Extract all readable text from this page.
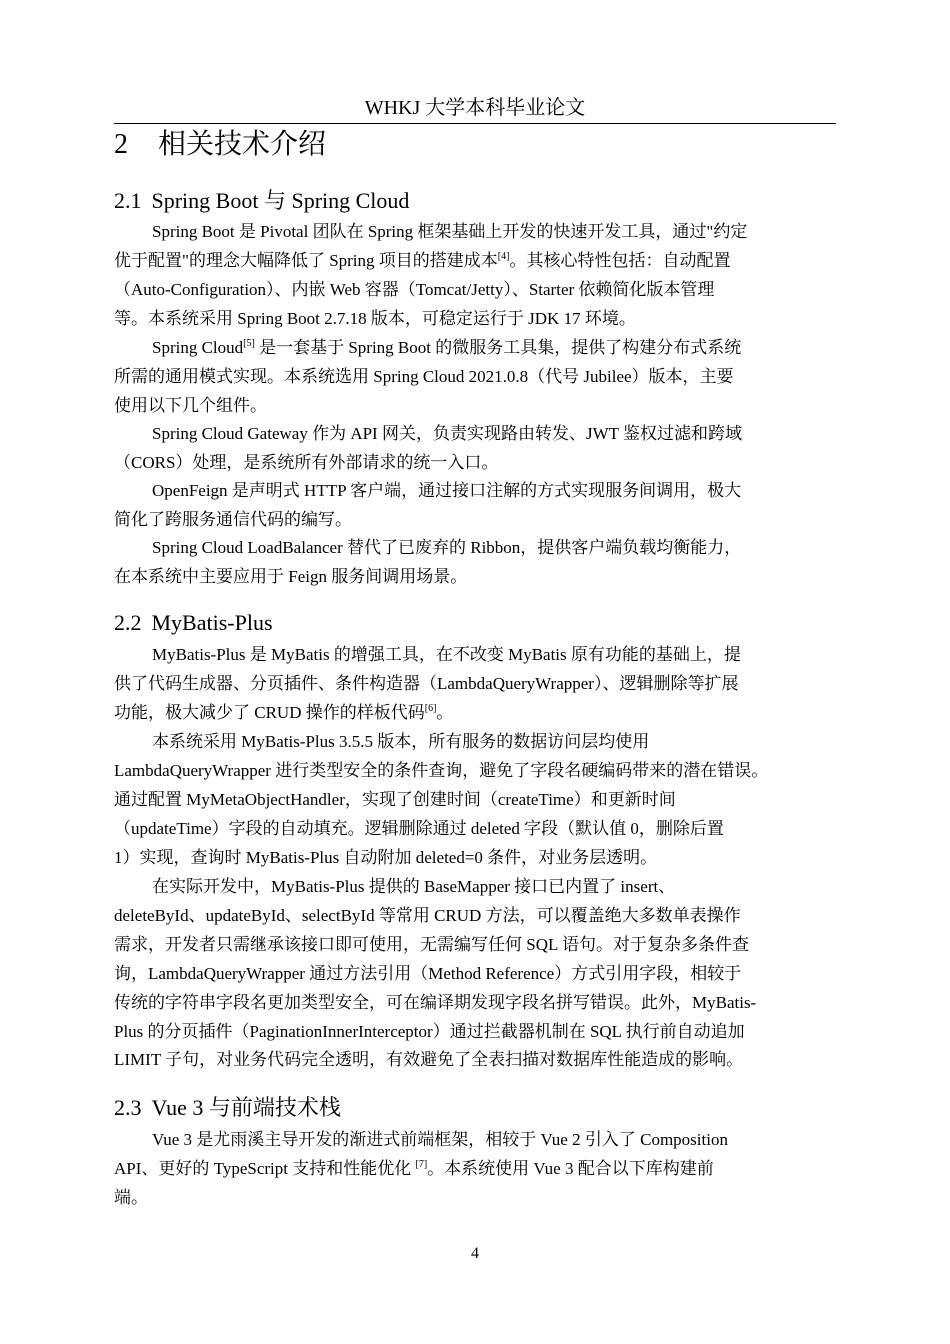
WHKJ 大学本科毕业论文
2 相关技术介绍
2.1 Spring Boot 与 Spring Cloud
Spring Boot 是 Pivotal 团队在 Spring 框架基础上开发的快速开发工具，通过"约定
优于配置"的理念大幅降低了 Spring 项目的搭建成本[4]。其核心特性包括：自动配置
（Auto-Configuration）、内嵌 Web 容器（Tomcat/Jetty）、Starter 依赖简化版本管理
等。本系统采用 Spring Boot 2.7.18 版本，可稳定运行于 JDK 17 环境。
Spring Cloud[5] 是一套基于 Spring Boot 的微服务工具集，提供了构建分布式系统
所需的通用模式实现。本系统选用 Spring Cloud 2021.0.8（代号 Jubilee）版本，主要
使用以下几个组件。
Spring Cloud Gateway 作为 API 网关，负责实现路由转发、JWT 鉴权过滤和跨域
（CORS）处理，是系统所有外部请求的统一入口。
OpenFeign 是声明式 HTTP 客户端，通过接口注解的方式实现服务间调用，极大
简化了跨服务通信代码的编写。
Spring Cloud LoadBalancer 替代了已废弃的 Ribbon，提供客户端负载均衡能力，
在本系统中主要应用于 Feign 服务间调用场景。
2.2 MyBatis-Plus
MyBatis-Plus 是 MyBatis 的增强工具，在不改变 MyBatis 原有功能的基础上，提
供了代码生成器、分页插件、条件构造器（LambdaQueryWrapper）、逻辑删除等扩展
功能，极大减少了 CRUD 操作的样板代码[6]。
本系统采用 MyBatis-Plus 3.5.5 版本，所有服务的数据访问层均使用
LambdaQueryWrapper 进行类型安全的条件查询，避免了字段名硬编码带来的潜在错误。
通过配置 MyMetaObjectHandler，实现了创建时间（createTime）和更新时间
（updateTime）字段的自动填充。逻辑删除通过 deleted 字段（默认值 0，删除后置
1）实现，查询时 MyBatis-Plus 自动附加 deleted=0 条件，对业务层透明。
在实际开发中，MyBatis-Plus 提供的 BaseMapper 接口已内置了 insert、
deleteById、updateById、selectById 等常用 CRUD 方法，可以覆盖绝大多数单表操作
需求，开发者只需继承该接口即可使用，无需编写任何 SQL 语句。对于复杂多条件查
询，LambdaQueryWrapper 通过方法引用（Method Reference）方式引用字段，相较于
传统的字符串字段名更加类型安全，可在编译期发现字段名拼写错误。此外，MyBatis-
Plus 的分页插件（PaginationInnerInterceptor）通过拦截器机制在 SQL 执行前自动追加
LIMIT 子句，对业务代码完全透明，有效避免了全表扫描对数据库性能造成的影响。
2.3 Vue 3 与前端技术栈
Vue 3 是尤雨溪主导开发的渐进式前端框架，相较于 Vue 2 引入了 Composition
API、更好的 TypeScript 支持和性能优化 [7]。本系统使用 Vue 3 配合以下库构建前
端。
4
